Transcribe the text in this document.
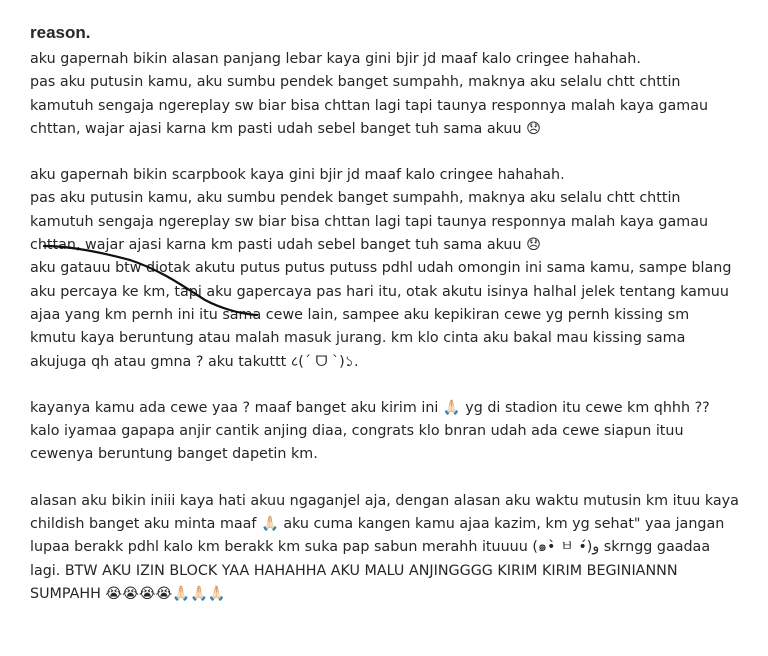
reason.
aku gapernah bikin alasan panjang lebar kaya gini bjir jd maaf kalo cringee hahahah.
pas aku putusin kamu, aku sumbu pendek banget sumpahh, maknya aku selalu chtt chttin
kamutuh sengaja ngereplay sw biar bisa chttan lagi tapi taunya responnya malah kaya gamau
chttan, wajar ajasi karna km pasti udah sebel banget tuh sama akuu 😞
aku gapernah bikin scarpbook kaya gini bjir jd maaf kalo cringee hahahah.
pas aku putusin kamu, aku sumbu pendek banget sumpahh, maknya aku selalu chtt chttin
kamutuh sengaja ngereplay sw biar bisa chttan lagi tapi taunya responnya malah kaya gamau
chttan, wajar ajasi karna km pasti udah sebel banget tuh sama akuu 😞
aku gatauu btw diotak akutu putus putus putuss pdhl udah omongin ini sama kamu, sampe blang
aku percaya ke km, tapi aku gapercaya pas hari itu, otak akutu isinya halhal jelek tentang kamuu
ajaa yang km pernh ini itu sama cewe lain, sampee aku kepikiran cewe yg pernh kissing sm
kmutu kaya beruntung atau malah masuk jurang. km klo cinta aku bakal mau kissing sama
akujuga qh atau gmna ? aku takuttt ८(ˊ ᗜ ˋ)১.
kayanya kamu ada cewe yaa ? maaf banget aku kirim ini 🙏🏻 yg di stadion itu cewe km qhhh ??
kalo iyamaa gapapa anjir cantik anjing diaa, congrats klo bnran udah ada cewe siapun ituu
cewenya beruntung banget dapetin km.
alasan aku bikin iniii kaya hati akuu ngaganjel aja, dengan alasan aku waktu mutusin km ituu kaya
childish banget aku minta maaf 🙏🏻 aku cuma kangen kamu ajaa kazim, km yg sehat" yaa jangan
lupaa berakk pdhl kalo km berakk km suka pap sabun merahh ituuuu (๑•̀ ㅂ •́)و skrngg gaadaa
lagi. BTW AKU IZIN BLOCK YAA HAHAHHA AKU MALU ANJINGGGG KIRIM KIRIM BEGINIANNN
SUMPAHH 😭😭😭😭🙏🏻🙏🏻🙏🏻
